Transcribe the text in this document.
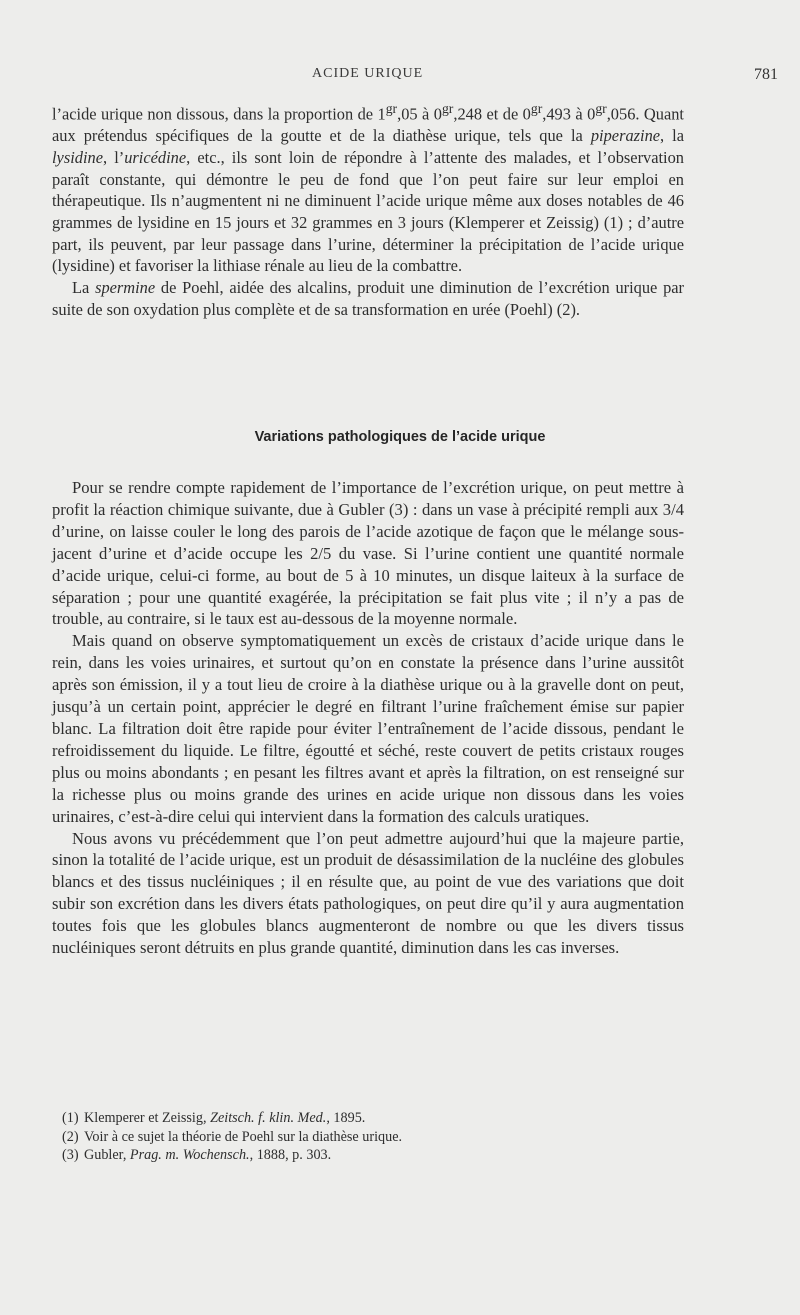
ACIDE URIQUE	781

l’acide urique non dissous, dans la proportion de $1^{gr},05$ à $0^{gr},248$ et de $0^{gr},493$ à $0^{gr},056$. Quant aux prétendus spécifiques de la goutte et de la diathèse urique, tels que la piperazine, la lysidine, l’uricédine, etc., ils sont loin de répondre à l’attente des malades, et l’observation paraît constante, qui démontre le peu de fond que l’on peut faire sur leur emploi en thérapeutique. Ils n’augmentent ni ne diminuent l’acide urique même aux doses notables de 46 grammes de lysidine en 15 jours et 32 grammes en 3 jours (Klemperer et Zeissig) (1) ; d’autre part, ils peuvent, par leur passage dans l’urine, déterminer la précipitation de l’acide urique (lysidine) et favoriser la lithiase rénale au lieu de la combattre.

La spermine de Poehl, aidée des alcalins, produit une diminution de l’excrétion urique par suite de son oxydation plus complète et de sa transformation en urée (Poehl) (2).

Variations pathologiques de l’acide urique

Pour se rendre compte rapidement de l’importance de l’excrétion urique, on peut mettre à profit la réaction chimique suivante, due à Gubler (3) : dans un vase à précipité rempli aux 3/4 d’urine, on laisse couler le long des parois de l’acide azotique de façon que le mélange sous-jacent d’urine et d’acide occupe les 2/5 du vase. Si l’urine contient une quantité normale d’acide urique, celui-ci forme, au bout de 5 à 10 minutes, un disque laiteux à la surface de séparation ; pour une quantité exagérée, la précipitation se fait plus vite ; il n’y a pas de trouble, au contraire, si le taux est au-dessous de la moyenne normale.

Mais quand on observe symptomatiquement un excès de cristaux d’acide urique dans le rein, dans les voies urinaires, et surtout qu’on en constate la présence dans l’urine aussitôt après son émission, il y a tout lieu de croire à la diathèse urique ou à la gravelle dont on peut, jusqu’à un certain point, apprécier le degré en filtrant l’urine fraîchement émise sur papier blanc. La filtration doit être rapide pour éviter l’entraînement de l’acide dissous, pendant le refroidissement du liquide. Le filtre, égoutté et séché, reste couvert de petits cristaux rouges plus ou moins abondants ; en pesant les filtres avant et après la filtration, on est renseigné sur la richesse plus ou moins grande des urines en acide urique non dissous dans les voies urinaires, c’est-à-dire celui qui intervient dans la formation des calculs uratiques.

Nous avons vu précédemment que l’on peut admettre aujourd’hui que la majeure partie, sinon la totalité de l’acide urique, est un produit de désassimilation de la nucléine des globules blancs et des tissus nucléiniques ; il en résulte que, au point de vue des variations que doit subir son excrétion dans les divers états pathologiques, on peut dire qu’il y aura augmentation toutes fois que les globules blancs augmenteront de nombre ou que les divers tissus nucléiniques seront détruits en plus grande quantité, diminution dans les cas inverses.

(1) Klemperer et Zeissig, Zeitsch. f. klin. Med., 1895.
(2) Voir à ce sujet la théorie de Poehl sur la diathèse urique.
(3) Gubler, Prag. m. Wochensch., 1888, p. 303.
